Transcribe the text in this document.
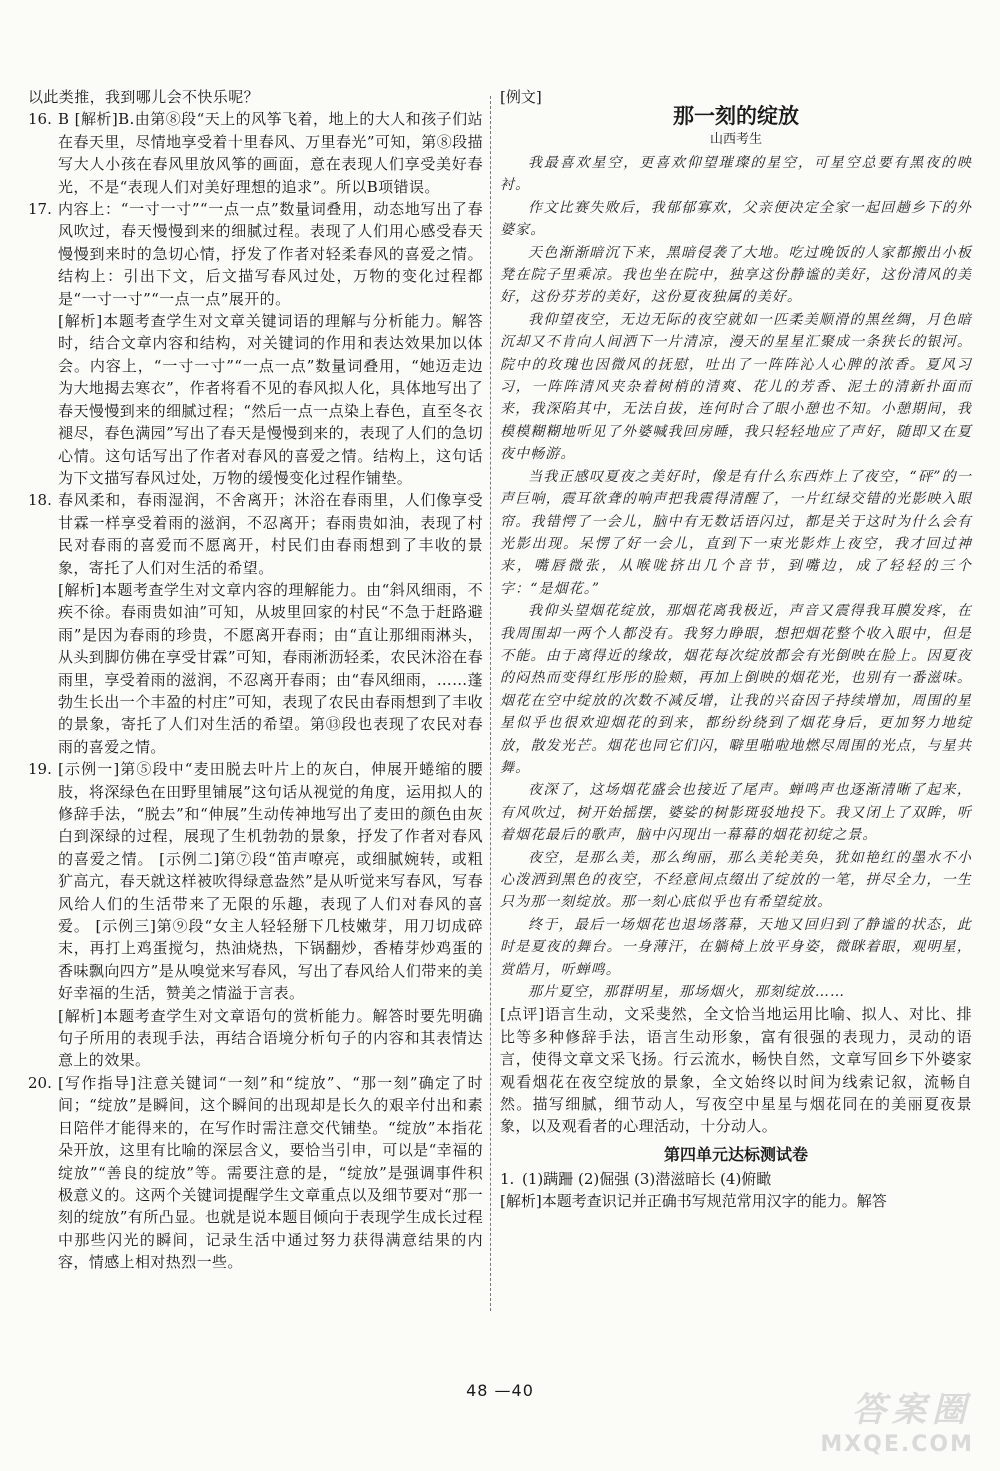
以此类推，我到哪儿会不快乐呢？

16. B [解析]B.由第⑧段“天上的风筝飞着，地上的大人和孩子们站在春天里，尽情地享受着十里春风、万里春光”可知，第⑧段描写大人小孩在春风里放风筝的画面，意在表现人们享受美好春光，不是“表现人们对美好理想的追求”。所以B项错误。

17. 内容上：“一寸一寸”“一点一点”数量词叠用，动态地写出了春风吹过，春天慢慢到来的细腻过程。表现了人们用心感受春天慢慢到来时的急切心情，抒发了作者对轻柔春风的喜爱之情。结构上：引出下文，后文描写春风过处，万物的变化过程都是“一寸一寸”“一点一点”展开的。

[解析]本题考查学生对文章关键词语的理解与分析能力。解答时，结合文章内容和结构，对关键词的作用和表达效果加以体会。内容上，“一寸一寸”“一点一点”数量词叠用，“她迈走边为大地揭去寒衣”，作者将看不见的春风拟人化，具体地写出了春天慢慢到来的细腻过程；“然后一点一点染上春色，直至冬衣褪尽，春色满园”写出了春天是慢慢到来的，表现了人们的急切心情。这句话写出了作者对春风的喜爱之情。结构上，这句话为下文描写春风过处，万物的缓慢变化过程作铺垫。

18. 春风柔和，春雨湿润，不舍离开；沐浴在春雨里，人们像享受甘霖一样享受着雨的滋润，不忍离开；春雨贵如油，表现了村民对春雨的喜爱而不愿离开，村民们由春雨想到了丰收的景象，寄托了人们对生活的希望。

[解析]本题考查学生对文章内容的理解能力。由“斜风细雨，不疾不徐。春雨贵如油”可知，从坡里回家的村民“不急于赶路避雨”是因为春雨的珍贵，不愿离开春雨；由“直让那细雨淋头，从头到脚仿佛在享受甘霖”可知，春雨淅沥轻柔，农民沐浴在春雨里，享受着雨的滋润，不忍离开春雨；由“春风细雨，……蓬勃生长出一个丰盈的村庄”可知，表现了农民由春雨想到了丰收的景象，寄托了人们对生活的希望。第⑬段也表现了农民对春雨的喜爱之情。

19. [示例一]第⑤段中“麦田脱去叶片上的灰白，伸展开蜷缩的腰肢，将深绿色在田野里铺展”这句话从视觉的角度，运用拟人的修辞手法，“脱去”和“伸展”生动传神地写出了麦田的颜色由灰白到深绿的过程，展现了生机勃勃的景象，抒发了作者对春风的喜爱之情。 [示例二]第⑦段“笛声嘹亮，或细腻婉转，或粗犷高亢，春天就这样被吹得绿意盎然”是从听觉来写春风，写春风给人们的生活带来了无限的乐趣，表现了人们对春风的喜爱。 [示例三]第⑨段“女主人轻轻掰下几枝嫩芽，用刀切成碎末，再打上鸡蛋搅匀，热油烧热，下锅翻炒，香椿芽炒鸡蛋的香味飘向四方”是从嗅觉来写春风，写出了春风给人们带来的美好幸福的生活，赞美之情溢于言表。

[解析]本题考查学生对文章语句的赏析能力。解答时要先明确句子所用的表现手法，再结合语境分析句子的内容和其表情达意上的效果。

20. [写作指导]注意关键词“一刻”和“绽放”、“那一刻”确定了时间；“绽放”是瞬间，这个瞬间的出现却是长久的艰辛付出和素日陪伴才能得来的，在写作时需注意交代铺垫。“绽放”本指花朵开放，这里有比喻的深层含义，要恰当引申，可以是“幸福的绽放”“善良的绽放”等。需要注意的是，“绽放”是强调事件积极意义的。这两个关键词提醒学生文章重点以及细节要对“那一刻的绽放”有所凸显。也就是说本题目倾向于表现学生成长过程中那些闪光的瞬间，记录生活中通过努力获得满意结果的内容，情感上相对热烈一些。

[例文]

那一刻的绽放

山西考生

我最喜欢星空，更喜欢仰望璀璨的星空，可星空总要有黑夜的映衬。

作文比赛失败后，我郁郁寡欢，父亲便决定全家一起回趟乡下的外婆家。

天色渐渐暗沉下来，黑暗侵袭了大地。吃过晚饭的人家都搬出小板凳在院子里乘凉。我也坐在院中，独享这份静谧的美好，这份清风的美好，这份芬芳的美好，这份夏夜独属的美好。

我仰望夜空，无边无际的夜空就如一匹柔美顺滑的黑丝绸，月色暗沉却又不肯向人间洒下一片清凉，漫天的星星汇聚成一条狭长的银河。院中的玫瑰也因微风的抚慰，吐出了一阵阵沁人心脾的浓香。夏风习习，一阵阵清风夹杂着树梢的清爽、花儿的芳香、泥土的清新扑面而来，我深陷其中，无法自拔，连何时合了眼小憩也不知。小憩期间，我模模糊糊地听见了外婆喊我回房睡，我只轻轻地应了声好，随即又在夏夜中畅游。

当我正感叹夏夜之美好时，像是有什么东西炸上了夜空，“砰”的一声巨响，震耳欲聋的响声把我震得清醒了，一片红绿交错的光影映入眼帘。我错愕了一会儿，脑中有无数话语闪过，都是关于这时为什么会有光影出现。呆愣了好一会儿，直到下一束光影炸上夜空，我才回过神来，嘴唇微张，从喉咙挤出几个音节，到嘴边，成了轻轻的三个字：“是烟花。”

我仰头望烟花绽放，那烟花离我极近，声音又震得我耳膜发疼，在我周围却一两个人都没有。我努力睁眼，想把烟花整个收入眼中，但是不能。由于离得近的缘故，烟花每次绽放都会有光倒映在脸上。因夏夜的闷热而变得红彤彤的脸颊，再加上倒映的烟花光，也别有一番滋味。烟花在空中绽放的次数不减反增，让我的兴奋因子持续增加，周围的星星似乎也很欢迎烟花的到来，都纷纷绕到了烟花身后，更加努力地绽放，散发光芒。烟花也同它们闪，噼里啪啦地燃尽周围的光点，与星共舞。

夜深了，这场烟花盛会也接近了尾声。蝉鸣声也逐渐清晰了起来，有风吹过，树开始摇摆，婆娑的树影斑驳地投下。我又闭上了双眸，听着烟花最后的歌声，脑中闪现出一幕幕的烟花初绽之景。

夜空，是那么美，那么绚丽，那么美轮美奂，犹如艳红的墨水不小心泼洒到黑色的夜空，不经意间点缀出了绽放的一笔，拼尽全力，一生只为那一刻绽放。那一刻心底似乎也有希望绽放。

终于，最后一场烟花也退场落幕，天地又回归到了静谧的状态，此时是夏夜的舞台。一身薄汗，在躺椅上放平身姿，微眯着眼，观明星，赏皓月，听蝉鸣。

那片夏空，那群明星，那场烟火，那刻绽放……

[点评]语言生动，文采斐然，全文恰当地运用比喻、拟人、对比、排比等多种修辞手法，语言生动形象，富有很强的表现力，灵动的语言，使得文章文采飞扬。行云流水，畅快自然，文章写回乡下外婆家观看烟花在夜空绽放的景象，全文始终以时间为线索记叙，流畅自然。描写细腻，细节动人，写夜空中星星与烟花同在的美丽夏夜景象，以及观看者的心理活动，十分动人。

第四单元达标测试卷

1. (1)蹒跚 (2)倔强 (3)潜滋暗长 (4)俯瞰

[解析]本题考查识记并正确书写规范常用汉字的能力。解答

48 —40	答案圈
MXQE.COM
